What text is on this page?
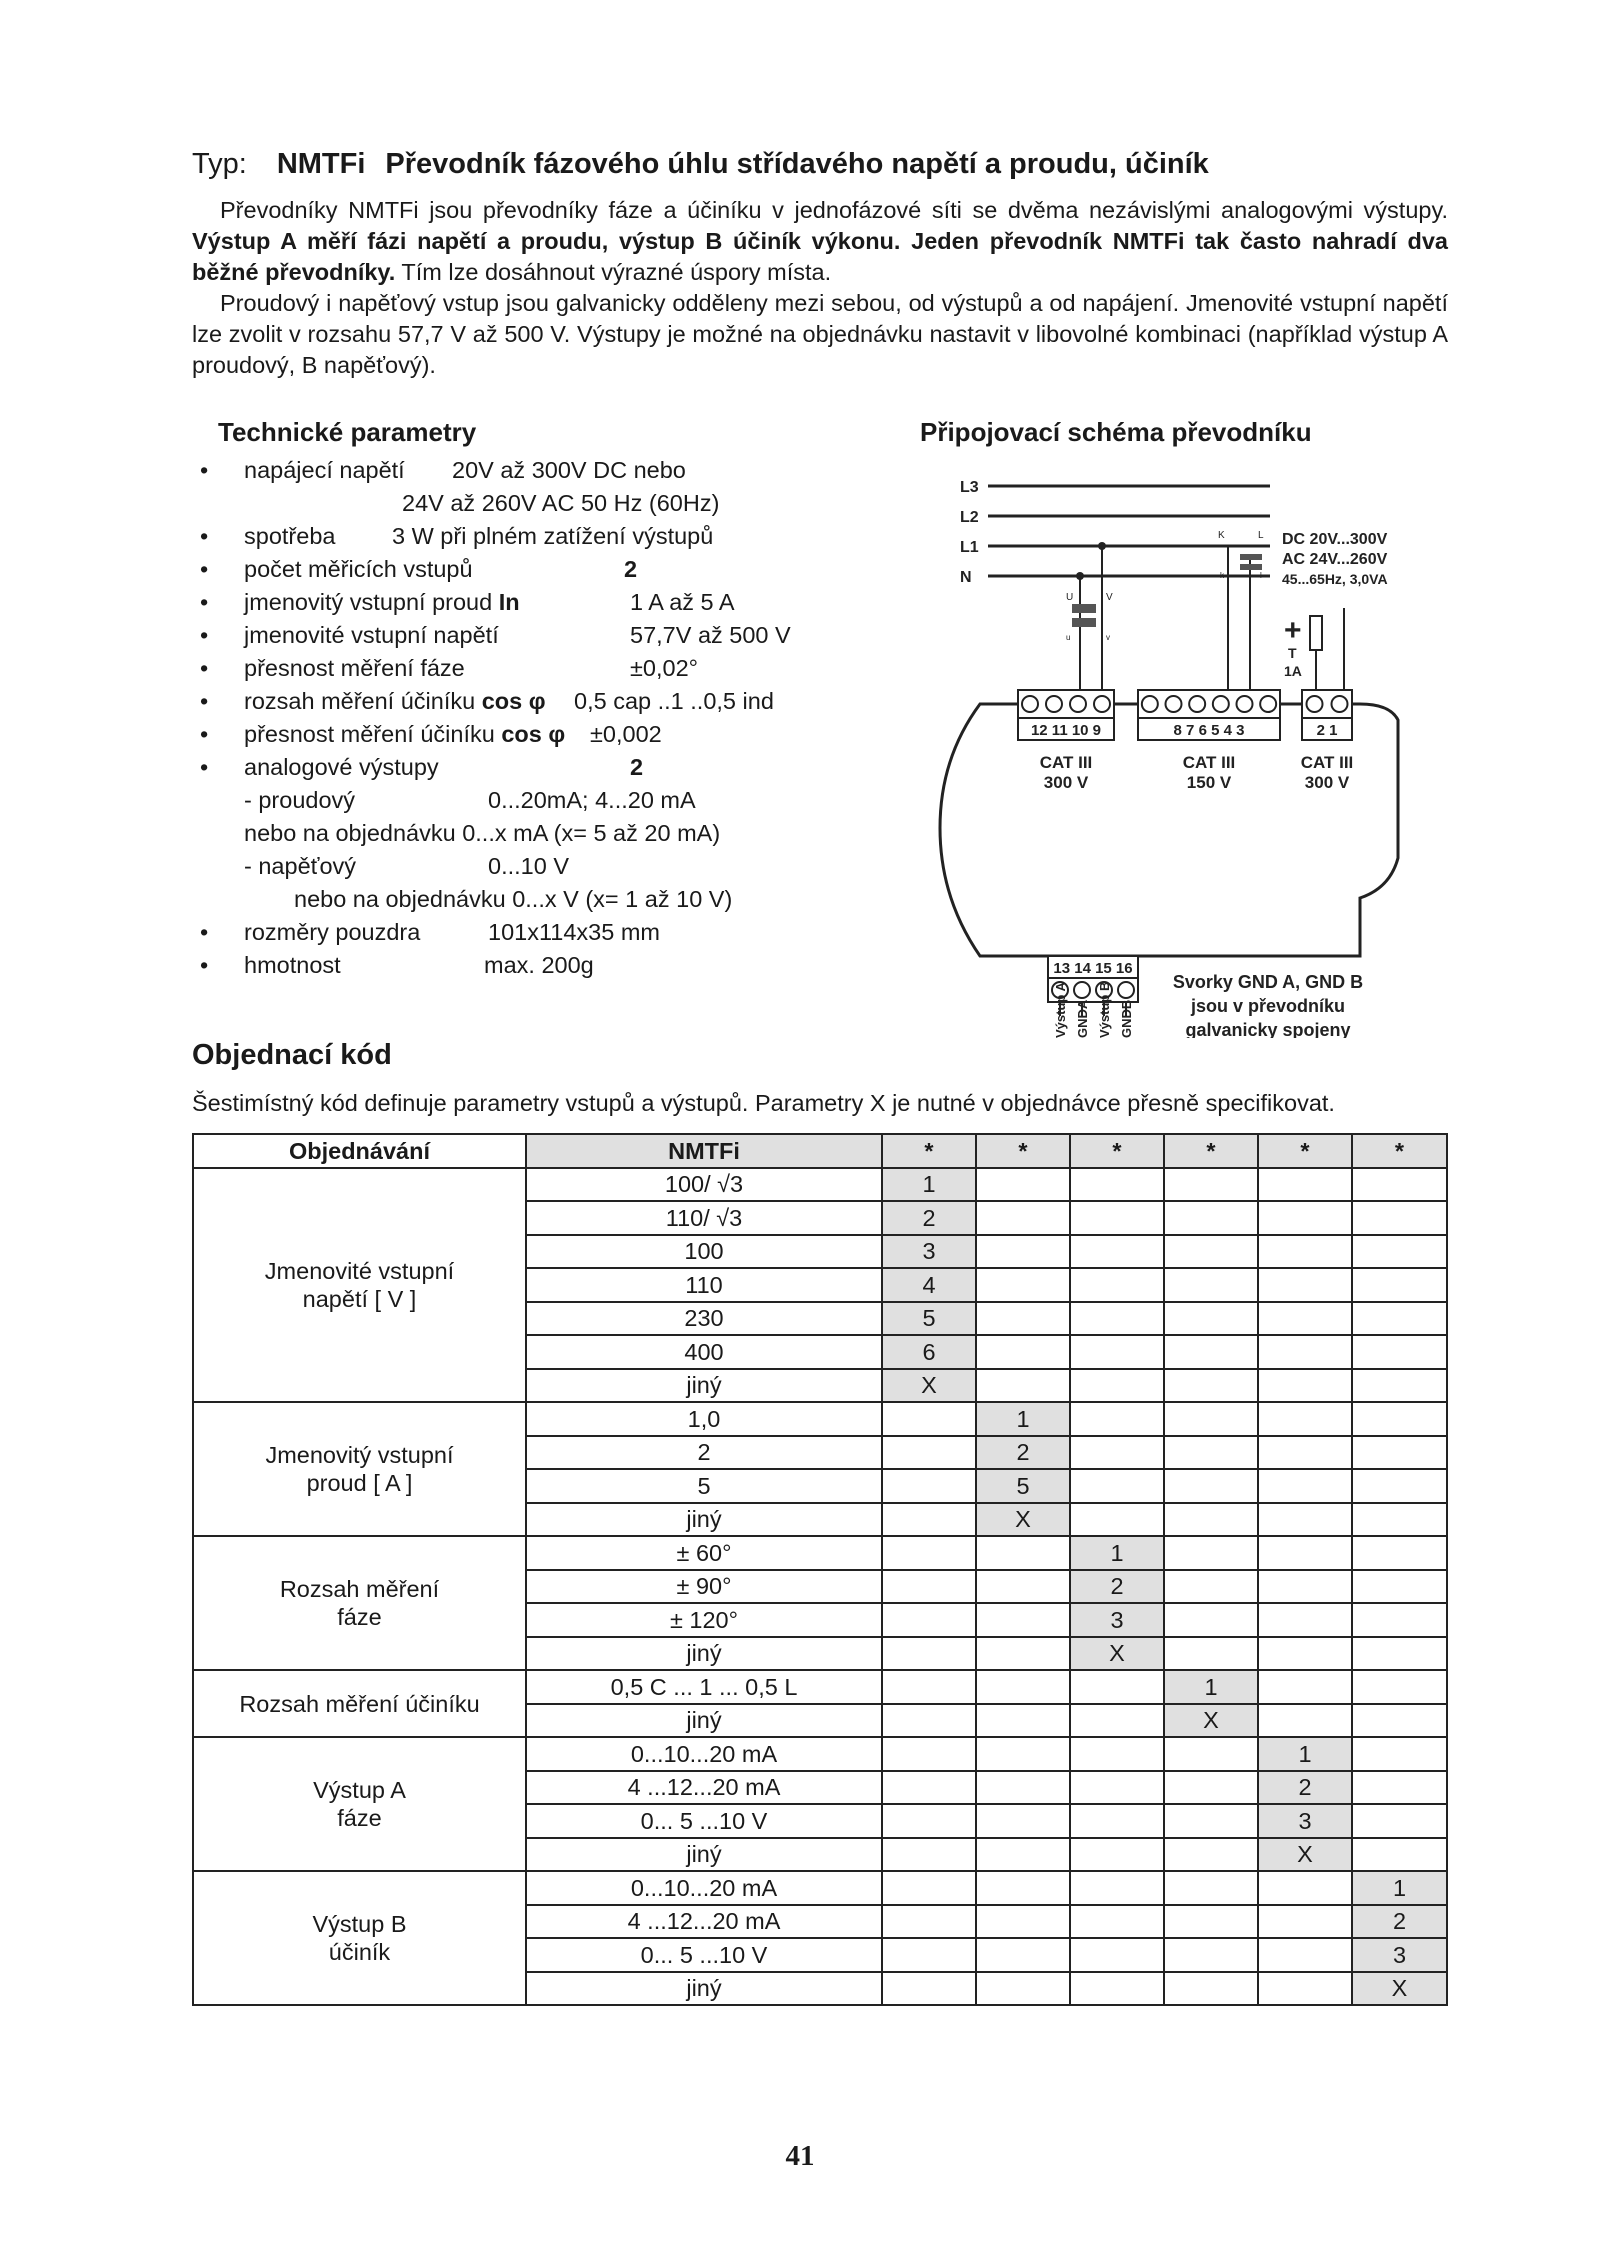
Typ: NMTFi Převodník fázového úhlu střídavého napětí a proudu, účiník

Převodníky NMTFi jsou převodníky fáze a účiníku v jednofázové síti se dvěma nezávislými analogovými výstupy. Výstup A měří fázi napětí a proudu, výstup B účiník výkonu. Jeden převodník NMTFi tak často nahradí dva běžné převodníky. Tím lze dosáhnout výrazné úspory místa.

Proudový i napěťový vstup jsou galvanicky odděleny mezi sebou, od výstupů a od napájení. Jmenovité vstupní napětí lze zvolit v rozsahu 57,7 V až 500 V. Výstupy je možné na objednávku nastavit v libovolné kombinaci (například výstup A proudový, B napěťový).

Technické parametry
• napájecí napětí 20V až 300V DC nebo
24V až 260V AC 50 Hz (60Hz)
• spotřeba 3 W při plném zatížení výstupů
• počet měřicích vstupů	2
• jmenovitý vstupní proud In	1 A až 5 A
• jmenovité vstupní napětí	57,7V až 500 V
• přesnost měření fáze	±0,02°
• rozsah měření účiníku cos φ 0,5 cap ..1 ..0,5 ind
• přesnost měření účiníku cos φ ±0,002
• analogové výstupy	2
- proudový	0...20mA; 4...20 mA
nebo na objednávku 0...x mA (x= 5 až 20 mA)
- napěťový	0...10 V
nebo na objednávku 0...x V (x= 1 až 10 V)
• rozměry pouzdra	101x114x35 mm
• hmotnost	max. 200g
Připojovací schéma převodníku
L3
L2
L1
N
DC 20V...300V
AC 24V...260V
45...65Hz, 3,0VA
+
T
1A
U	V
u	v
K	L
k	l
12 11 10 9
CAT III
300 V
8 7 6 5 4 3
CAT III
150 V
2 1
CAT III
300 V
13 14 15 16
Výstup A GNDA Výstup B GNDB
Svorky GND A, GND B
jsou v převodníku
galvanicky spojeny
Objednací kód

Šestimístný kód definuje parametry vstupů a výstupů. Parametry X je nutné v objednávce přesně specifikovat.

Objednávání	NMTFi	*	*	*	*	*	*
Jmenovité vstupní
napětí [ V ]	100/ √3	1					
	110/ √3	2					
	100	3					
	110	4					
	230	5					
	400	6					
	jiný	X					
Jmenovitý vstupní
proud [ A ]	1,0		1				
	2		2				
	5		5				
	jiný		X				
Rozsah měření
fáze	± 60°			1			
	± 90°			2			
	± 120°			3			
	jiný			X			
Rozsah měření účiníku	0,5 C ... 1 ... 0,5 L				1		
	jiný				X		
Výstup A
fáze	0...10...20 mA					1	
	4 ...12...20 mA					2	
	0... 5 ...10 V					3	
	jiný					X	
Výstup B
účiník	0...10...20 mA						1
	4 ...12...20 mA						2
	0... 5 ...10 V						3
	jiný						X
41
